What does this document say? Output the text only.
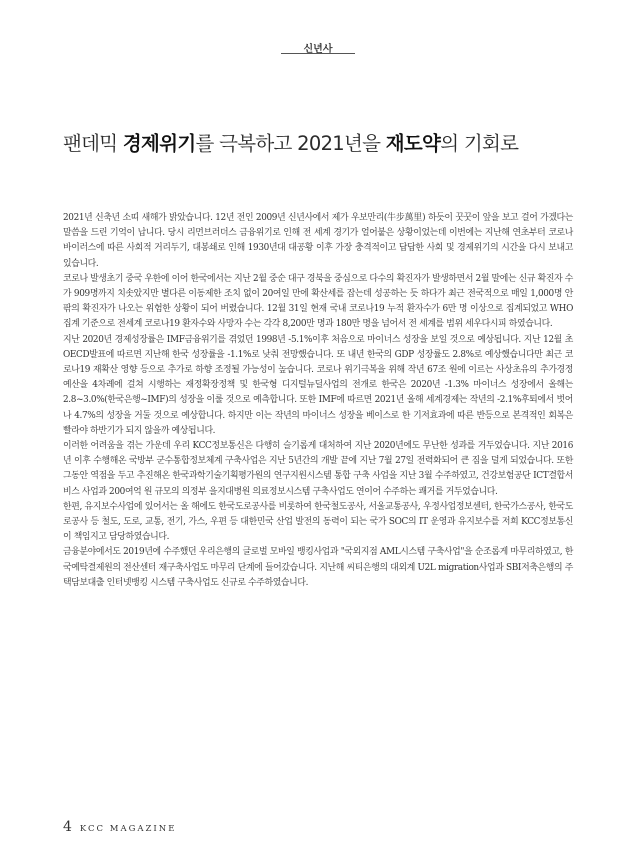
신년사
팬데믹 경제위기를 극복하고 2021년을 재도약의 기회로

2021년 신축년 소띠 새해가 밝았습니다. 12년 전인 2009년 신년사에서 제가 우보만리(牛步萬里) 하듯이 꿋꿋이 앞을 보고 걸어 가겠다는 말씀을 드린 기억이 납니다. 당시 리먼브러더스 금융위기로 인해 전 세계 경기가 얼어붙은 상황이었는데 이번에는 지난해 연초부터 코로나 바이러스에 따른 사회적 거리두기, 대봉쇄로 인해 1930년대 대공황 이후 가장 충격적이고 답답한 사회 및 경제위기의 시간을 다시 보내고 있습니다.

코로나 발생초기 중국 우한에 이어 한국에서는 지난 2월 중순 대구 경북을 중심으로 다수의 확진자가 발생하면서 2월 말에는 신규 확진자 수가 909명까지 치솟았지만 별다른 이동제한 조치 없이 20여일 만에 확산세를 잡는데 성공하는 듯 하다가 최근 전국적으로 매일 1,000명 안팎의 확진자가 나오는 위험한 상황이 되어 버렸습니다. 12월 31일 현재 국내 코로나19 누적 환자수가 6만 명 이상으로 집계되었고 WHO 집계 기준으로 전세계 코로나19 환자수와 사망자 수는 각각 8,200만 명과 180만 명을 넘어서 전 세계를 범위 세우다시피 하였습니다.

지난 2020년 경제성장률은 IMF금융위기를 겪었던 1998년 -5.1%이후 처음으로 마이너스 성장을 보일 것으로 예상됩니다. 지난 12월 초 OECD발표에 따르면 지난해 한국 성장률을 -1.1%로 낮춰 전망했습니다. 또 내년 한국의 GDP 성장률도 2.8%로 예상했습니다만 최근 코로나19 재확산 영향 등으로 추가로 하향 조정될 가능성이 높습니다. 코로나 위기극복을 위해 작년 67조 원에 이르는 사상초유의 추가경정 예산을 4차례에 걸쳐 시행하는 재정확장정책 및 한국형 디지털뉴딜사업의 전개로 한국은 2020년 -1.3% 마이너스 성장에서 올해는 2.8~3.0%(한국은행~IMF)의 성장을 이룰 것으로 예측합니다. 또한 IMF에 따르면 2021년 올해 세계경제는 작년의 -2.1%후퇴에서 벗어나 4.7%의 성장을 거둘 것으로 예상합니다. 하지만 이는 작년의 마이너스 성장을 베이스로 한 기저효과에 따른 반등으로 본격적인 회복은 빨라야 하반기가 되지 않을까 예상됩니다.

이러한 어려움을 겪는 가운데 우리 KCC정보통신은 다행히 슬기롭게 대처하여 지난 2020년에도 무난한 성과를 거두었습니다. 지난 2016년 이후 수행해온 국방부 군수통합정보체계 구축사업은 지난 5년간의 개발 끝에 지난 7월 27일 전력화되어 큰 짐을 덜게 되었습니다. 또한 그동안 역점을 두고 추진해온 한국과학기술기획평가원의 연구지원시스템 통합 구축 사업을 지난 3월 수주하였고, 건강보험공단 ICT결합서비스 사업과 200여억 원 규모의 의정부 을지대병원 의료정보시스템 구축사업도 연이어 수주하는 쾌거를 거두었습니다.

한편, 유지보수사업에 있어서는 올 해에도 한국도로공사를 비롯하여 한국철도공사, 서울교통공사, 우정사업정보센터, 한국가스공사, 한국도로공사 등 철도, 도로, 교통, 전기, 가스, 우편 등 대한민국 산업 발전의 동력이 되는 국가 SOC의 IT 운영과 유지보수를 저희 KCC정보통신이 책임지고 담당하였습니다.

금융분야에서도 2019년에 수주했던 우리은행의 글로벌 모바일 뱅킹사업과 "국외지점 AML시스템 구축사업"을 순조롭게 마무리하였고, 한국예탁결제원의 전산센터 재구축사업도 마무리 단계에 들어갔습니다. 지난해 씨티은행의 대외계 U2L migration사업과 SBI저축은행의 주택담보대출 인터넷뱅킹 시스템 구축사업도 신규로 수주하였습니다.

4 KCC MAGAZINE
